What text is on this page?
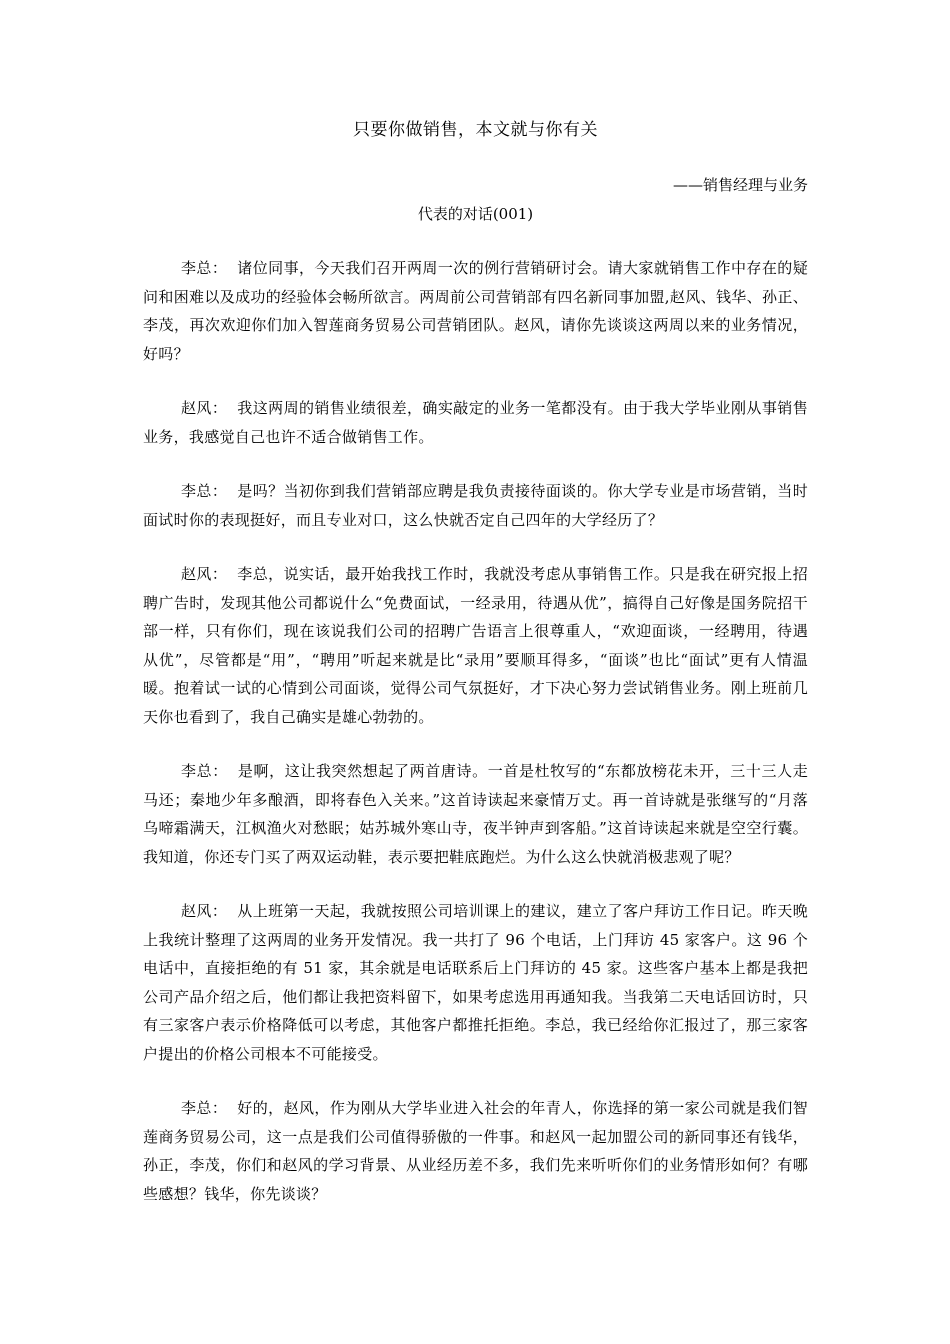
只要你做销售，本文就与你有关
——销售经理与业务
代表的对话(001)

李总： 诸位同事，今天我们召开两周一次的例行营销研讨会。请大家就销售工作中存在的疑问和困难以及成功的经验体会畅所欲言。两周前公司营销部有四名新同事加盟,赵风、钱华、孙正、李茂，再次欢迎你们加入智莲商务贸易公司营销团队。赵风，请你先谈谈这两周以来的业务情况，好吗？

赵风： 我这两周的销售业绩很差，确实敲定的业务一笔都没有。由于我大学毕业刚从事销售业务，我感觉自己也许不适合做销售工作。

李总： 是吗？当初你到我们营销部应聘是我负责接待面谈的。你大学专业是市场营销，当时面试时你的表现挺好，而且专业对口，这么快就否定自己四年的大学经历了？

赵风： 李总，说实话，最开始我找工作时，我就没考虑从事销售工作。只是我在研究报上招聘广告时，发现其他公司都说什么“免费面试，一经录用，待遇从优”，搞得自己好像是国务院招干部一样，只有你们，现在该说我们公司的招聘广告语言上很尊重人，“欢迎面谈，一经聘用，待遇从优”，尽管都是“用”，“聘用”听起来就是比“录用”要顺耳得多，“面谈”也比“面试”更有人情温暖。抱着试一试的心情到公司面谈，觉得公司气氛挺好，才下决心努力尝试销售业务。刚上班前几天你也看到了，我自己确实是雄心勃勃的。

李总： 是啊，这让我突然想起了两首唐诗。一首是杜牧写的“东都放榜花未开，三十三人走马还；秦地少年多酿酒，即将春色入关来。”这首诗读起来豪情万丈。再一首诗就是张继写的“月落乌啼霜满天，江枫渔火对愁眠；姑苏城外寒山寺，夜半钟声到客船。”这首诗读起来就是空空行囊。我知道，你还专门买了两双运动鞋，表示要把鞋底跑烂。为什么这么快就消极悲观了呢？

赵风： 从上班第一天起，我就按照公司培训课上的建议，建立了客户拜访工作日记。昨天晚上我统计整理了这两周的业务开发情况。我一共打了 96 个电话，上门拜访 45 家客户。这 96 个电话中，直接拒绝的有 51 家，其余就是电话联系后上门拜访的 45 家。这些客户基本上都是我把公司产品介绍之后，他们都让我把资料留下，如果考虑选用再通知我。当我第二天电话回访时，只有三家客户表示价格降低可以考虑，其他客户都推托拒绝。李总，我已经给你汇报过了，那三家客户提出的价格公司根本不可能接受。

李总： 好的，赵风，作为刚从大学毕业进入社会的年青人，你选择的第一家公司就是我们智莲商务贸易公司，这一点是我们公司值得骄傲的一件事。和赵风一起加盟公司的新同事还有钱华，孙正，李茂，你们和赵风的学习背景、从业经历差不多，我们先来听听你们的业务情形如何？有哪些感想？钱华，你先谈谈？
